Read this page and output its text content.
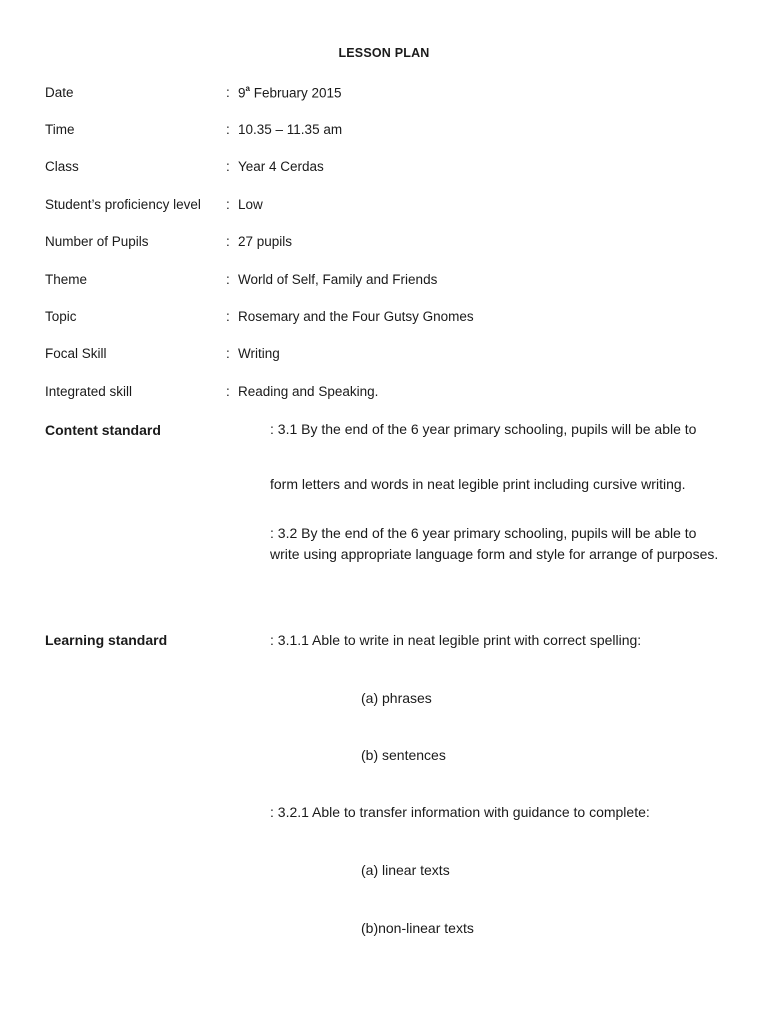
LESSON PLAN
Date	: 9$^a$ February 2015
Time	: 10.35 – 11.35 am
Class	: Year 4 Cerdas
Student’s proficiency level : Low
Number of Pupils	: 27 pupils
Theme	: World of Self, Family and Friends
Topic	: Rosemary and the Four Gutsy Gnomes
Focal Skill	: Writing
Integrated skill	: Reading and Speaking.
Content standard	: 3.1 By the end of the 6 year primary schooling, pupils will be able to
form letters and words in neat legible print including cursive writing.
: 3.2 By the end of the 6 year primary schooling, pupils will be able to write using appropriate language form and style for arrange of purposes.
Learning standard	: 3.1.1 Able to write in neat legible print with correct spelling:
(a) phrases
(b) sentences
: 3.2.1 Able to transfer information with guidance to complete:
(a) linear texts
(b)non-linear texts
